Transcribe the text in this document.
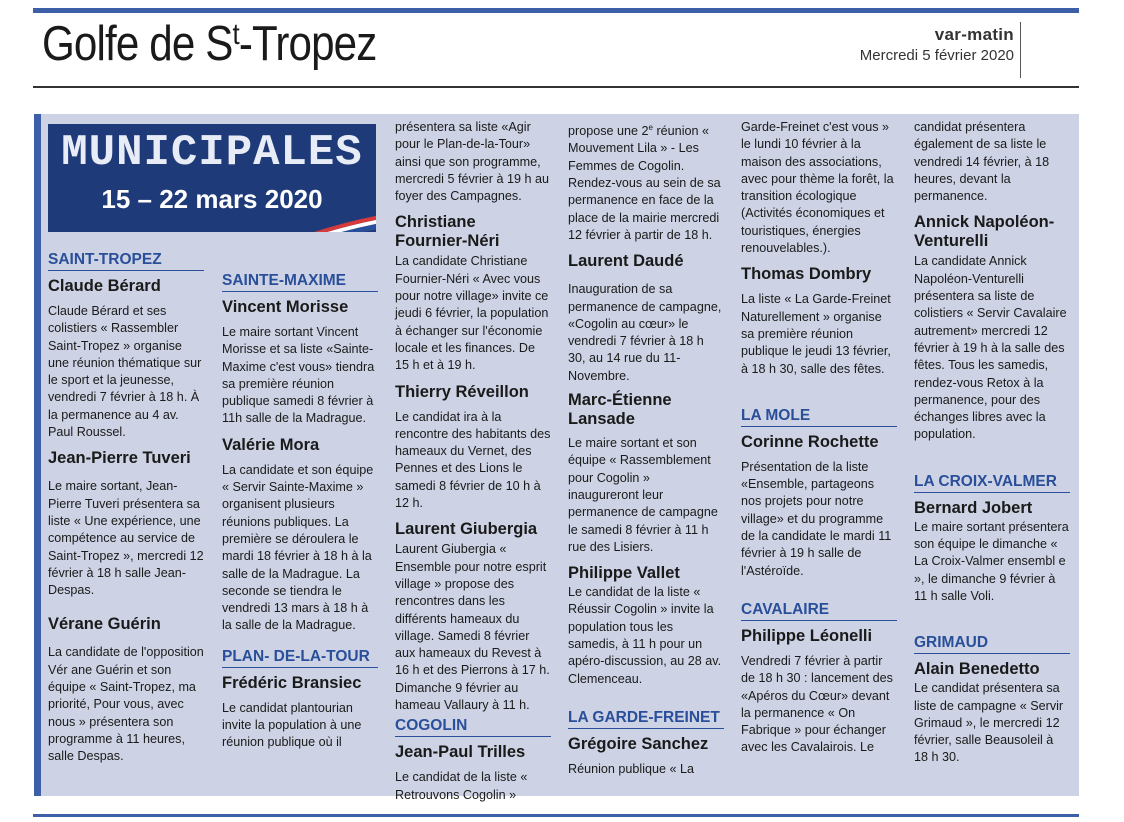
Golfe de $S^t$-Tropez	var-matin
Mercredi 5 février 2020
MUNICIPALES
15 – 22 mars 2020
SAINT-TROPEZ
Claude Bérard

Claude Bérard et ses colistiers « Rassembler Saint-Tropez » organise une réunion thématique sur le sport et la jeunesse, vendredi 7 février à 18 h. À la permanence au 4 av. Paul Roussel.

Jean-Pierre Tuveri

Le maire sortant, Jean-Pierre Tuveri présentera sa liste « Une expérience, une compétence au service de Saint-Tropez », mercredi 12 février à 18 h salle Jean- Despas.

Vérane Guérin

La candidate de l'opposition Vér ane Guérin et son équipe « Saint-Tropez, ma priorité, Pour vous, avec nous » présentera son programme à 11 heures, salle Despas.

SAINTE-MAXIME
Vincent Morisse

Le maire sortant Vincent Morisse et sa liste «Sainte-Maxime c'est vous» tiendra sa première réunion publique samedi 8 février à 11h salle de la Madrague.

Valérie Mora

La candidate et son équipe « Servir Sainte-Maxime » organisent plusieurs réunions publiques. La première se déroulera le mardi 18 février à 18 h à la salle de la Madrague. La seconde se tiendra le vendredi 13 mars à 18 h à la salle de la Madrague.

PLAN- DE-LA-TOUR
Frédéric Bransiec

Le candidat plantourian invite la population à une réunion publique où il

présentera sa liste «Agir pour le Plan-de-la-Tour» ainsi que son programme, mercredi 5 février à 19 h au foyer des Campagnes.

Christiane Fournier-Néri

La candidate Christiane Fournier-Néri « Avec vous pour notre village» invite ce jeudi 6 février, la population à échanger sur l'économie locale et les finances. De 15 h et à 19 h.

Thierry Réveillon

Le candidat ira à la rencontre des habitants des hameaux du Vernet, des Pennes et des Lions le samedi 8 février de 10 h à 12 h.

Laurent Giubergia

Laurent Giubergia « Ensemble pour notre esprit village » propose des rencontres dans les différents hameaux du village. Samedi 8 février aux hameaux du Revest à 16 h et des Pierrons à 17 h. Dimanche 9 février au hameau Vallaury à 11 h.

COGOLIN
Jean-Paul Trilles

Le candidat de la liste « Retrouvons Cogolin »

propose une 2e réunion « Mouvement Lila » - Les Femmes de Cogolin. Rendez-vous au sein de sa permanence en face de la place de la mairie mercredi 12 février à partir de 18 h.

Laurent Daudé

Inauguration de sa permanence de campagne, «Cogolin au cœur» le vendredi 7 février à 18 h 30, au 14 rue du 11-Novembre.

Marc-Étienne Lansade

Le maire sortant et son équipe « Rassemblement pour Cogolin » inaugureront leur permanence de campagne le samedi 8 février à 11 h rue des Lisiers.

Philippe Vallet

Le candidat de la liste « Réussir Cogolin » invite la population tous les samedis, à 11 h pour un apéro-discussion, au 28 av. Clemenceau.

LA GARDE-FREINET
Grégoire Sanchez

Réunion publique « La

Garde-Freinet c'est vous » le lundi 10 février à la maison des associations, avec pour thème la forêt, la transition écologique (Activités économiques et touristiques, énergies renouvelables.).

Thomas Dombry

La liste « La Garde-Freinet Naturellement » organise sa première réunion publique le jeudi 13 février, à 18 h 30, salle des fêtes.

LA MOLE
Corinne Rochette

Présentation de la liste «Ensemble, partageons nos projets pour notre village» et du programme de la candidate le mardi 11 février à 19 h salle de l'Astéroïde.

CAVALAIRE
Philippe Léonelli

Vendredi 7 février à partir de 18 h 30 : lancement des «Apéros du Cœur» devant la permanence « On Fabrique » pour échanger avec les Cavalairois. Le

candidat présentera également de sa liste le vendredi 14 février, à 18 heures, devant la permanence.

Annick Napoléon-Venturelli

La candidate Annick Napoléon-Venturelli présentera sa liste de colistiers « Servir Cavalaire autrement» mercredi 12 février à 19 h à la salle des fêtes. Tous les samedis, rendez-vous Retox à la permanence, pour des échanges libres avec la population.

LA CROIX-VALMER
Bernard Jobert

Le maire sortant présentera son équipe le dimanche « La Croix-Valmer ensembl e », le dimanche 9 février à 11 h salle Voli.

GRIMAUD
Alain Benedetto

Le candidat présentera sa liste de campagne « Servir Grimaud », le mercredi 12 février, salle Beausoleil à 18 h 30.
